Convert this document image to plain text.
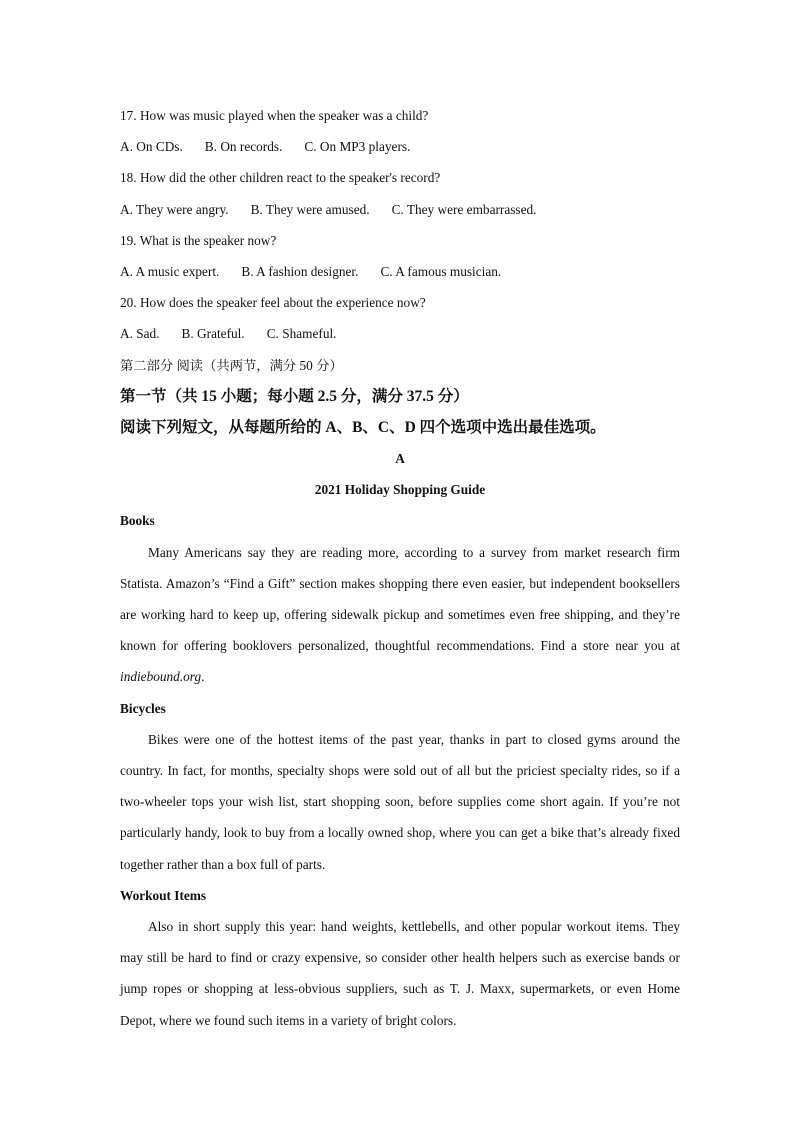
17. How was music played when the speaker was a child?
A. On CDs. B. On records. C. On MP3 players.
18. How did the other children react to the speaker's record?
A. They were angry. B. They were amused. C. They were embarrassed.
19. What is the speaker now?
A. A music expert. B. A fashion designer. C. A famous musician.
20. How does the speaker feel about the experience now?
A. Sad. B. Grateful. C. Shameful.
第二部分 阅读（共两节，满分 50 分）
第一节（共 15 小题；每小题 2.5 分，满分 37.5 分）
阅读下列短文，从每题所给的 A、B、C、D 四个选项中选出最佳选项。
A
2021 Holiday Shopping Guide
Books

Many Americans say they are reading more, according to a survey from market research firm Statista. Amazon’s “Find a Gift” section makes shopping there even easier, but independent booksellers are working hard to keep up, offering sidewalk pickup and sometimes even free shipping, and they’re known for offering booklovers personalized, thoughtful recommendations. Find a store near you at indiebound.org.

Bicycles

Bikes were one of the hottest items of the past year, thanks in part to closed gyms around the country. In fact, for months, specialty shops were sold out of all but the priciest specialty rides, so if a two-wheeler tops your wish list, start shopping soon, before supplies come short again. If you’re not particularly handy, look to buy from a locally owned shop, where you can get a bike that’s already fixed together rather than a box full of parts.

Workout Items

Also in short supply this year: hand weights, kettlebells, and other popular workout items. They may still be hard to find or crazy expensive, so consider other health helpers such as exercise bands or jump ropes or shopping at less-obvious suppliers, such as T. J. Maxx, supermarkets, or even Home Depot, where we found such items in a variety of bright colors.
